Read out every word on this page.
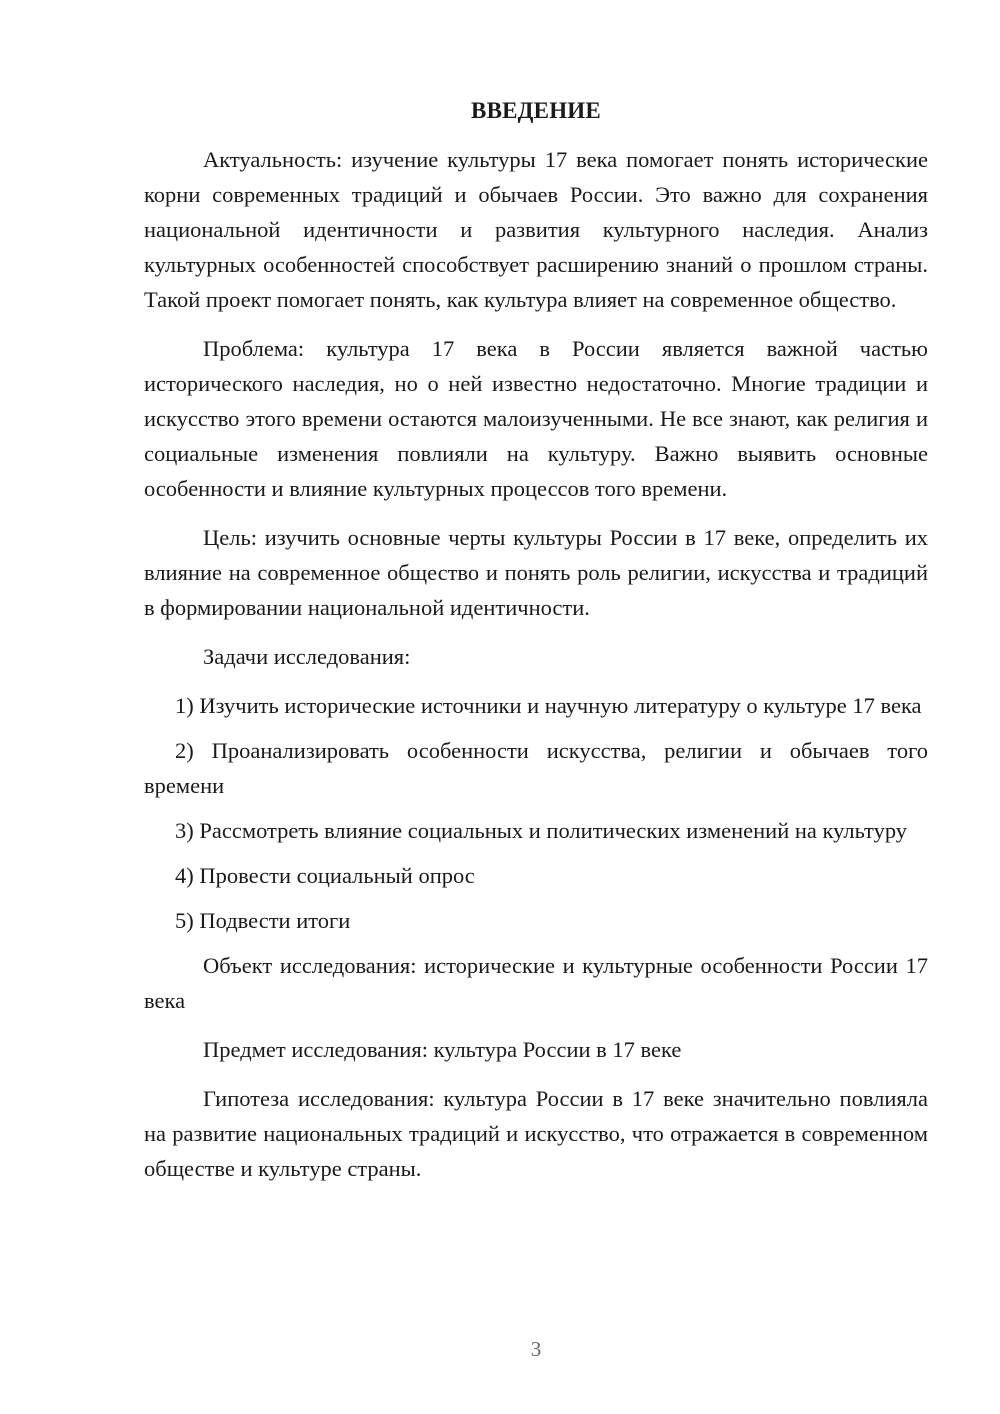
ВВЕДЕНИЕ

Актуальность: изучение культуры 17 века помогает понять исторические корни современных традиций и обычаев России. Это важно для сохранения национальной идентичности и развития культурного наследия. Анализ культурных особенностей способствует расширению знаний о прошлом страны. Такой проект помогает понять, как культура влияет на современное общество.

Проблема: культура 17 века в России является важной частью исторического наследия, но о ней известно недостаточно. Многие традиции и искусство этого времени остаются малоизученными. Не все знают, как религия и социальные изменения повлияли на культуру. Важно выявить основные особенности и влияние культурных процессов того времени.

Цель: изучить основные черты культуры России в 17 веке, определить их влияние на современное общество и понять роль религии, искусства и традиций в формировании национальной идентичности.

Задачи исследования:

1) Изучить исторические источники и научную литературу о культуре 17 века

2) Проанализировать особенности искусства, религии и обычаев того времени

3) Рассмотреть влияние социальных и политических изменений на культуру

4) Провести социальный опрос

5) Подвести итоги

Объект исследования: исторические и культурные особенности России 17 века

Предмет исследования: культура России в 17 веке

Гипотеза исследования: культура России в 17 веке значительно повлияла на развитие национальных традиций и искусство, что отражается в современном обществе и культуре страны.

3
